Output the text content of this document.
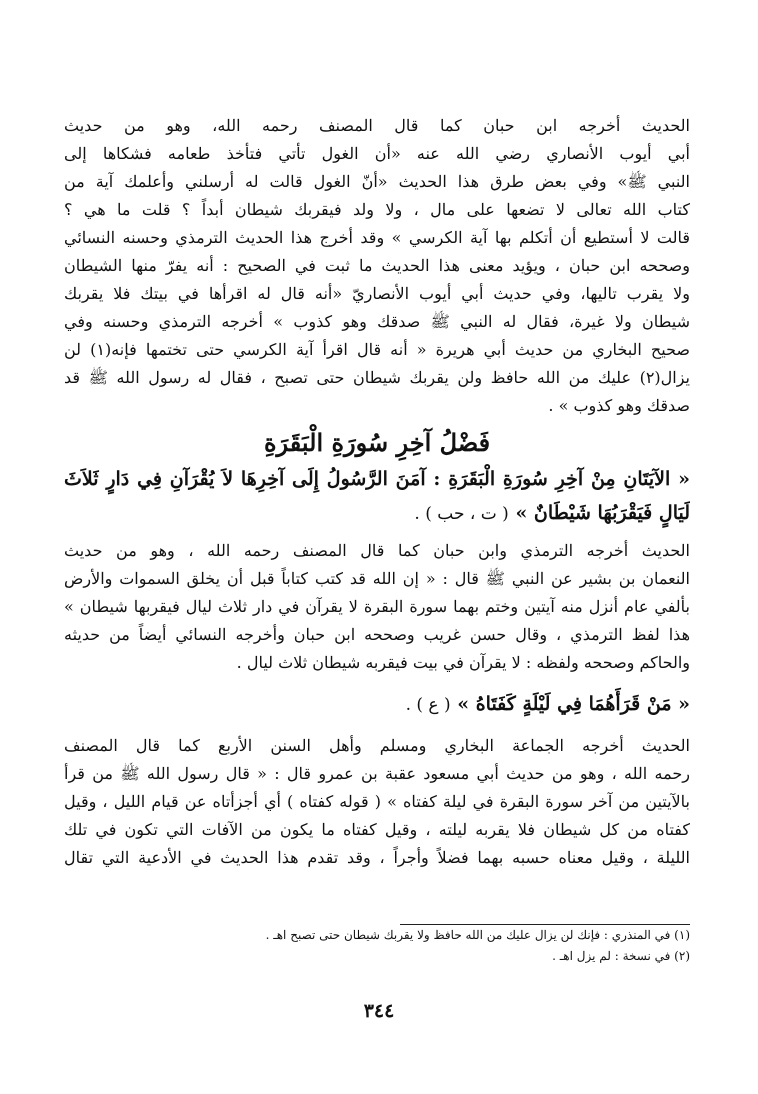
الحديث أخرجه ابن حبان كما قال المصنف رحمه الله، وهو من حديث
أبي أيوب الأنصاري رضي الله عنه «أن الغول تأتي فتأخذ طعامه فشكاها إلى
النبي ﷺ» وفي بعض طرق هذا الحديث «أنّ الغول قالت له أرسلني وأعلمك آية من
كتاب الله تعالى لا تضعها على مال ، ولا ولد فيقربك شيطان أبداً ؟ قلت ما هي ؟
قالت لا أستطيع أن أتكلم بها آية الكرسي » وقد أخرج هذا الحديث الترمذي وحسنه النسائي
وصححه ابن حبان ، ويؤيد معنى هذا الحديث ما ثبت في الصحيح : أنه يفرّ منها الشيطان
ولا يقرب تاليها، وفي حديث أبي أيوب الأنصاريّ «أنه قال له اقرأها في بيتك فلا يقربك
شيطان ولا غيرة، فقال له النبي ﷺ صدقك وهو كذوب » أخرجه الترمذي وحسنه وفي
صحيح البخاري من حديث أبي هريرة « أنه قال اقرأ آية الكرسي حتى تختمها فإنه(١) لن
يزال(٢) عليك من الله حافظ ولن يقربك شيطان حتى تصبح ، فقال له رسول الله ﷺ قد
صدقك وهو كذوب » .
فَضْلُ آخِرِ سُورَةِ الْبَقَرَةِ
« الآيَتَانِ مِنْ آخِرِ سُورَةِ الْبَقَرَةِ : آمَنَ الرَّسُولُ إِلَى آخِرِهَا لاَ يُقْرَآنِ فِي دَارٍ ثَلاَثَ
لَيَالٍ فَيَقْرَبُهَا شَيْطَانٌ » ( ت ، حب ) .
الحديث أخرجه الترمذي وابن حبان كما قال المصنف رحمه الله ، وهو من حديث
النعمان بن بشير عن النبي ﷺ قال : « إن الله قد كتب كتاباً قبل أن يخلق السموات والأرض
بألفي عام أنزل منه آيتين وختم بهما سورة البقرة لا يقرآن في دار ثلاث ليال فيقربها شيطان »
هذا لفظ الترمذي ، وقال حسن غريب وصححه ابن حبان وأخرجه النسائي أيضاً من حديثه
والحاكم وصححه ولفظه : لا يقرآن في بيت فيقربه شيطان ثلاث ليال .
« مَنْ قَرَأَهُمَا فِي لَيْلَةٍ كَفَتَاهُ » ( ع ) .
الحديث أخرجه الجماعة البخاري ومسلم وأهل السنن الأربع كما قال المصنف
رحمه الله ، وهو من حديث أبي مسعود عقبة بن عمرو قال : « قال رسول الله ﷺ من قرأ
بالآيتين من آخر سورة البقرة في ليلة كفتاه » ( قوله كفتاه ) أي أجزأتاه عن قيام الليل ، وقيل
كفتاه من كل شيطان فلا يقربه ليلته ، وقيل كفتاه ما يكون من الآفات التي تكون في تلك
الليلة ، وقيل معناه حسبه بهما فضلاً وأجراً ، وقد تقدم هذا الحديث في الأدعية التي تقال
(١) في المنذري : فإنك لن يزال عليك من الله حافظ ولا يقربك شيطان حتى تصبح اهـ .
(٢) في نسخة : لم يزل اهـ .
٣٤٤
